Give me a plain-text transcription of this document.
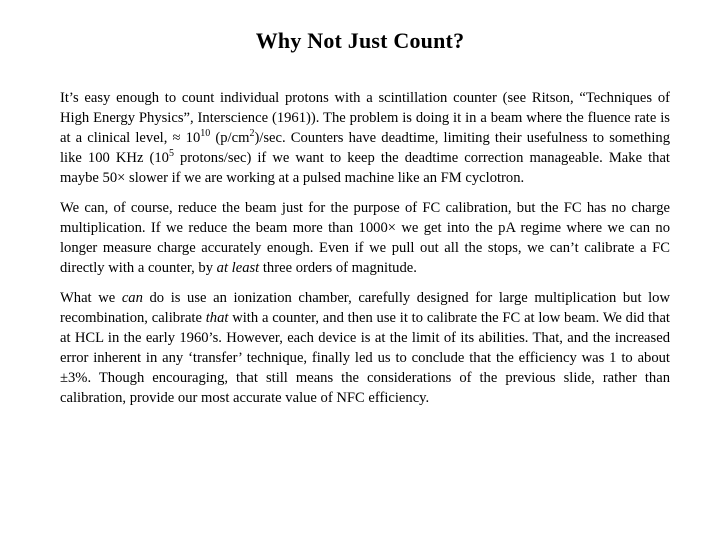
Why Not Just Count?

It’s easy enough to count individual protons with a scintillation counter (see Ritson, “Techniques of High Energy Physics”, Interscience (1961)). The problem is doing it in a beam where the fluence rate is at a clinical level, ≈ $10^{10}$ $(p/cm^2)/\sec$. Counters have deadtime, limiting their usefulness to something like 100 KHz ($10^5$ protons/sec) if we want to keep the deadtime correction manageable. Make that maybe 50× slower if we are working at a pulsed machine like an FM cyclotron.

We can, of course, reduce the beam just for the purpose of FC calibration, but the FC has no charge multiplication. If we reduce the beam more than 1000× we get into the pA regime where we can no longer measure charge accurately enough. Even if we pull out all the stops, we can’t calibrate a FC directly with a counter, by at least three orders of magnitude.

What we can do is use an ionization chamber, carefully designed for large multiplication but low recombination, calibrate that with a counter, and then use it to calibrate the FC at low beam. We did that at HCL in the early 1960’s. However, each device is at the limit of its abilities. That, and the increased error inherent in any ‘transfer’ technique, finally led us to conclude that the efficiency was 1 to about ±3%. Though encouraging, that still means the considerations of the previous slide, rather than calibration, provide our most accurate value of NFC efficiency.
